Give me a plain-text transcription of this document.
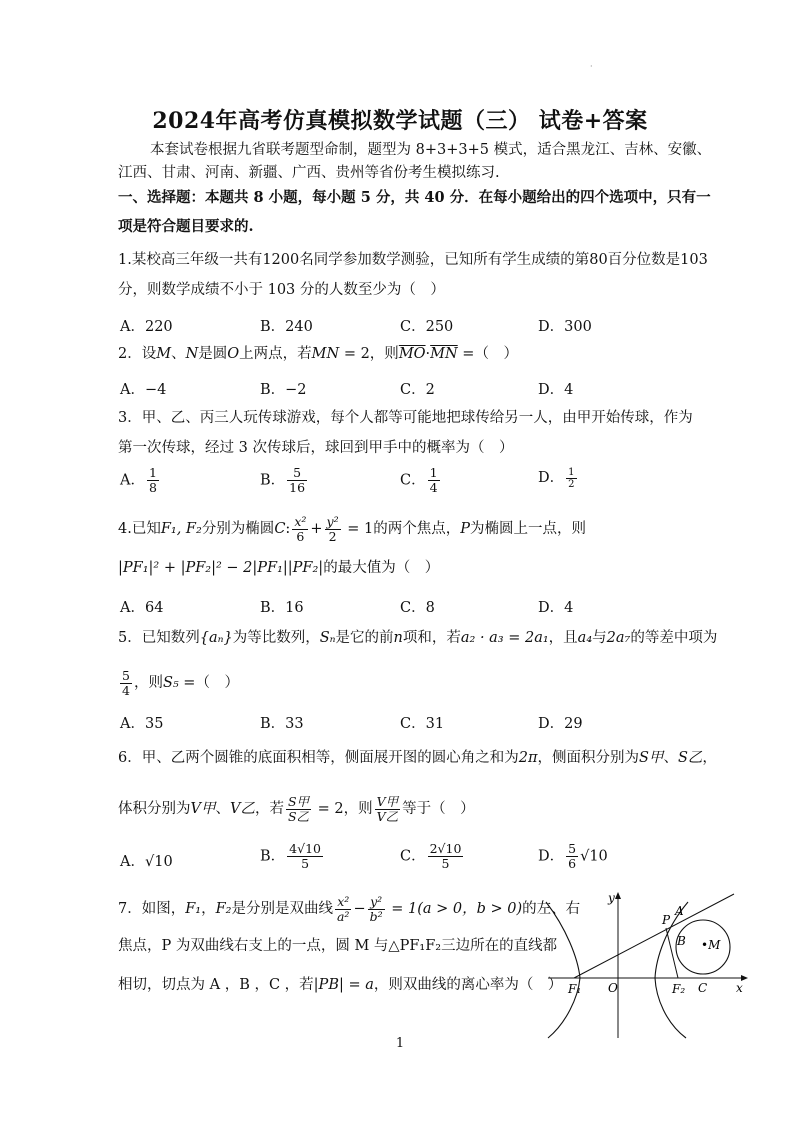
·
2024年高考仿真模拟数学试题（三） 试卷+答案
本套试卷根据九省联考题型命制，题型为 8+3+3+5 模式，适合黑龙江、吉林、安徽、
江西、甘肃、河南、新疆、广西、贵州等省份考生模拟练习.
一、选择题：本题共 8 小题，每小题 5 分，共 40 分．在每小题给出的四个选项中，只有一
项是符合题目要求的.
1.某校高三年级一共有1200名同学参加数学测验，已知所有学生成绩的第80百分位数是103
分，则数学成绩不小于 103 分的人数至少为（　）
A．220	B．240	C．250	D．300
2．设M、N是圆O上两点，若MN = 2，则$\overline{MO}\cdot\overline{MN}$ =（　）
A．−4	B．−2	C．2	D．4
3．甲、乙、丙三人玩传球游戏，每个人都等可能地把球传给另一人，由甲开始传球，作为
第一次传球，经过 3 次传球后，球回到甲手中的概率为（　）
A． $\frac{1}{8}$	B． $\frac{5}{16}$	C． $\frac{1}{4}$	D． $\frac{1}{2}$
4.已知F₁, F₂分别为椭圆C: $\frac{\text{x²}}{6} + \frac{\text{y²}}{2} = 1$的两个焦点，P为椭圆上一点，则
|PF₁|² + |PF₂|² − 2|PF₁||PF₂|的最大值为（　）
A．64	B．16	C．8	D．4
5．已知数列{aₙ}为等比数列，Sₙ是它的前n项和，若a₂ · a₃ = 2a₁，且a₄与2a₇的等差中项为
$\frac{5}{4}$ ，则S₅ =（　）
A．35	B．33	C．31	D．29
6．甲、乙两个圆锥的底面积相等，侧面展开图的圆心角之和为2π，侧面积分别为S甲、S乙，
体积分别为V甲、V乙，若 $\frac{\text{S甲}}{\text{S乙}} = 2$，则 $\frac{\text{V甲}}{\text{V乙}}$ 等于（　）
A．√10	B． $\frac{4√10}{5}$	C． $\frac{2√10}{5}$	D． $\frac{5}{6} √10$
7．如图，F₁，F₂是分别是双曲线 $\frac{\text{x²}}{\text{a²}} - \frac{\text{y²}}{\text{b²}} = 1(a > 0$，b > 0)的左、右
焦点，P 为双曲线右支上的一点，圆 M 与△PF₁F₂三边所在的直线都
相切，切点为 A ，B ，C ，若|PB| = a，则双曲线的离心率为（　）
y
P
A
B •M
F₁ O	F₂ C x
1
